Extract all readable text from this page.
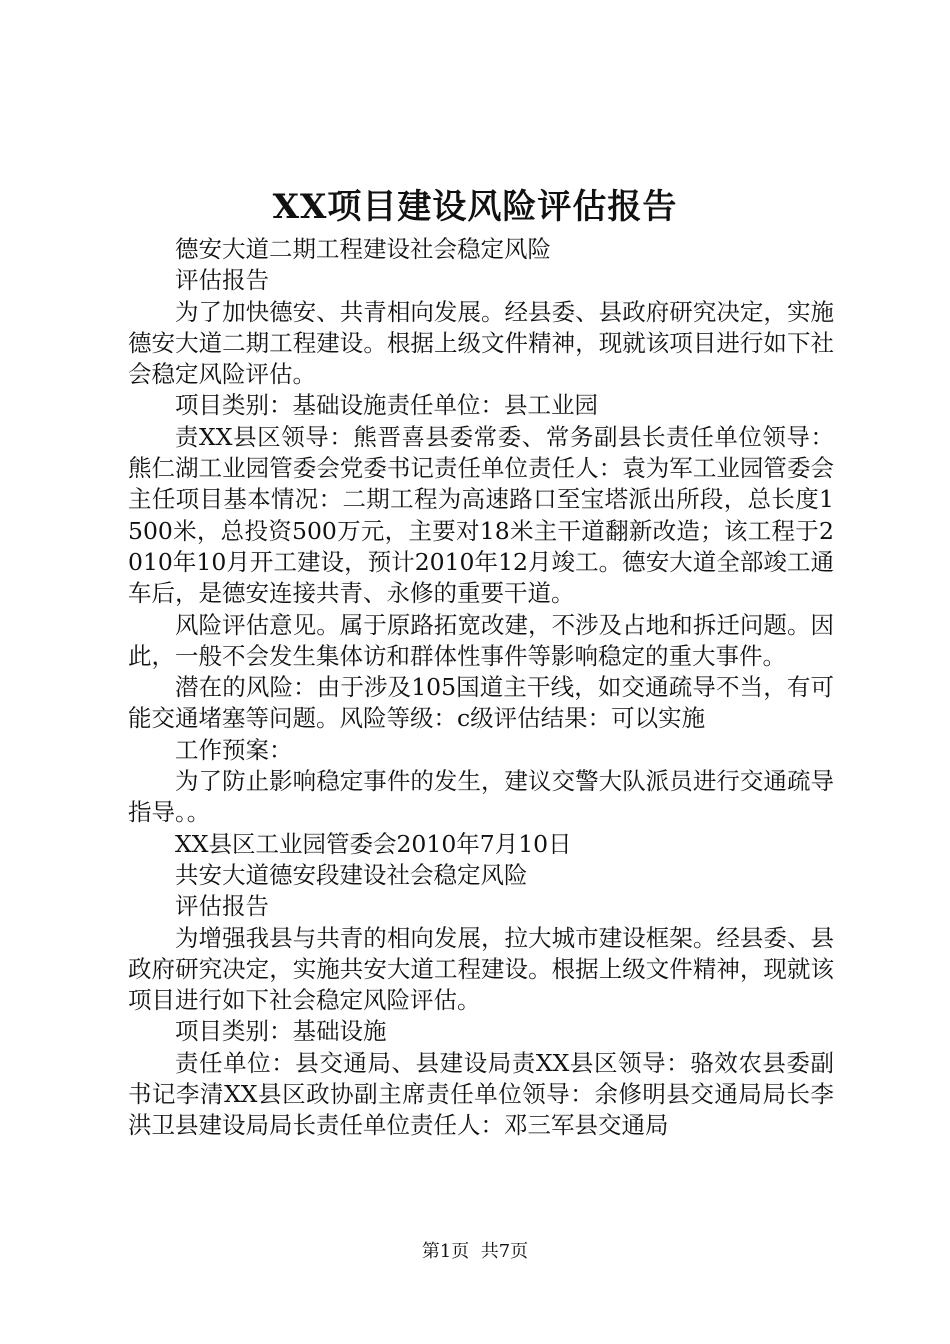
XX项目建设风险评估报告

德安大道二期工程建设社会稳定风险

评估报告

为了加快德安、共青相向发展。经县委、县政府研究决定，实施德安大道二期工程建设。根据上级文件精神，现就该项目进行如下社会稳定风险评估。

项目类别：基础设施责任单位：县工业园

责XX县区领导：熊晋喜县委常委、常务副县长责任单位领导：熊仁湖工业园管委会党委书记责任单位责任人：袁为军工业园管委会主任项目基本情况：二期工程为高速路口至宝塔派出所段，总长度1500米，总投资500万元，主要对18米主干道翻新改造；该工程于2010年10月开工建设，预计2010年12月竣工。德安大道全部竣工通车后，是德安连接共青、永修的重要干道。

风险评估意见。属于原路拓宽改建，不涉及占地和拆迁问题。因此，一般不会发生集体访和群体性事件等影响稳定的重大事件。

潜在的风险：由于涉及105国道主干线，如交通疏导不当，有可能交通堵塞等问题。风险等级：c级评估结果：可以实施

工作预案：

为了防止影响稳定事件的发生，建议交警大队派员进行交通疏导指导。。

XX县区工业园管委会2010年7月10日

共安大道德安段建设社会稳定风险

评估报告

为增强我县与共青的相向发展，拉大城市建设框架。经县委、县政府研究决定，实施共安大道工程建设。根据上级文件精神，现就该项目进行如下社会稳定风险评估。

项目类别：基础设施

责任单位：县交通局、县建设局责XX县区领导：骆效农县委副书记李清XX县区政协副主席责任单位领导：余修明县交通局局长李洪卫县建设局局长责任单位责任人：邓三军县交通局

第1页 共7页
